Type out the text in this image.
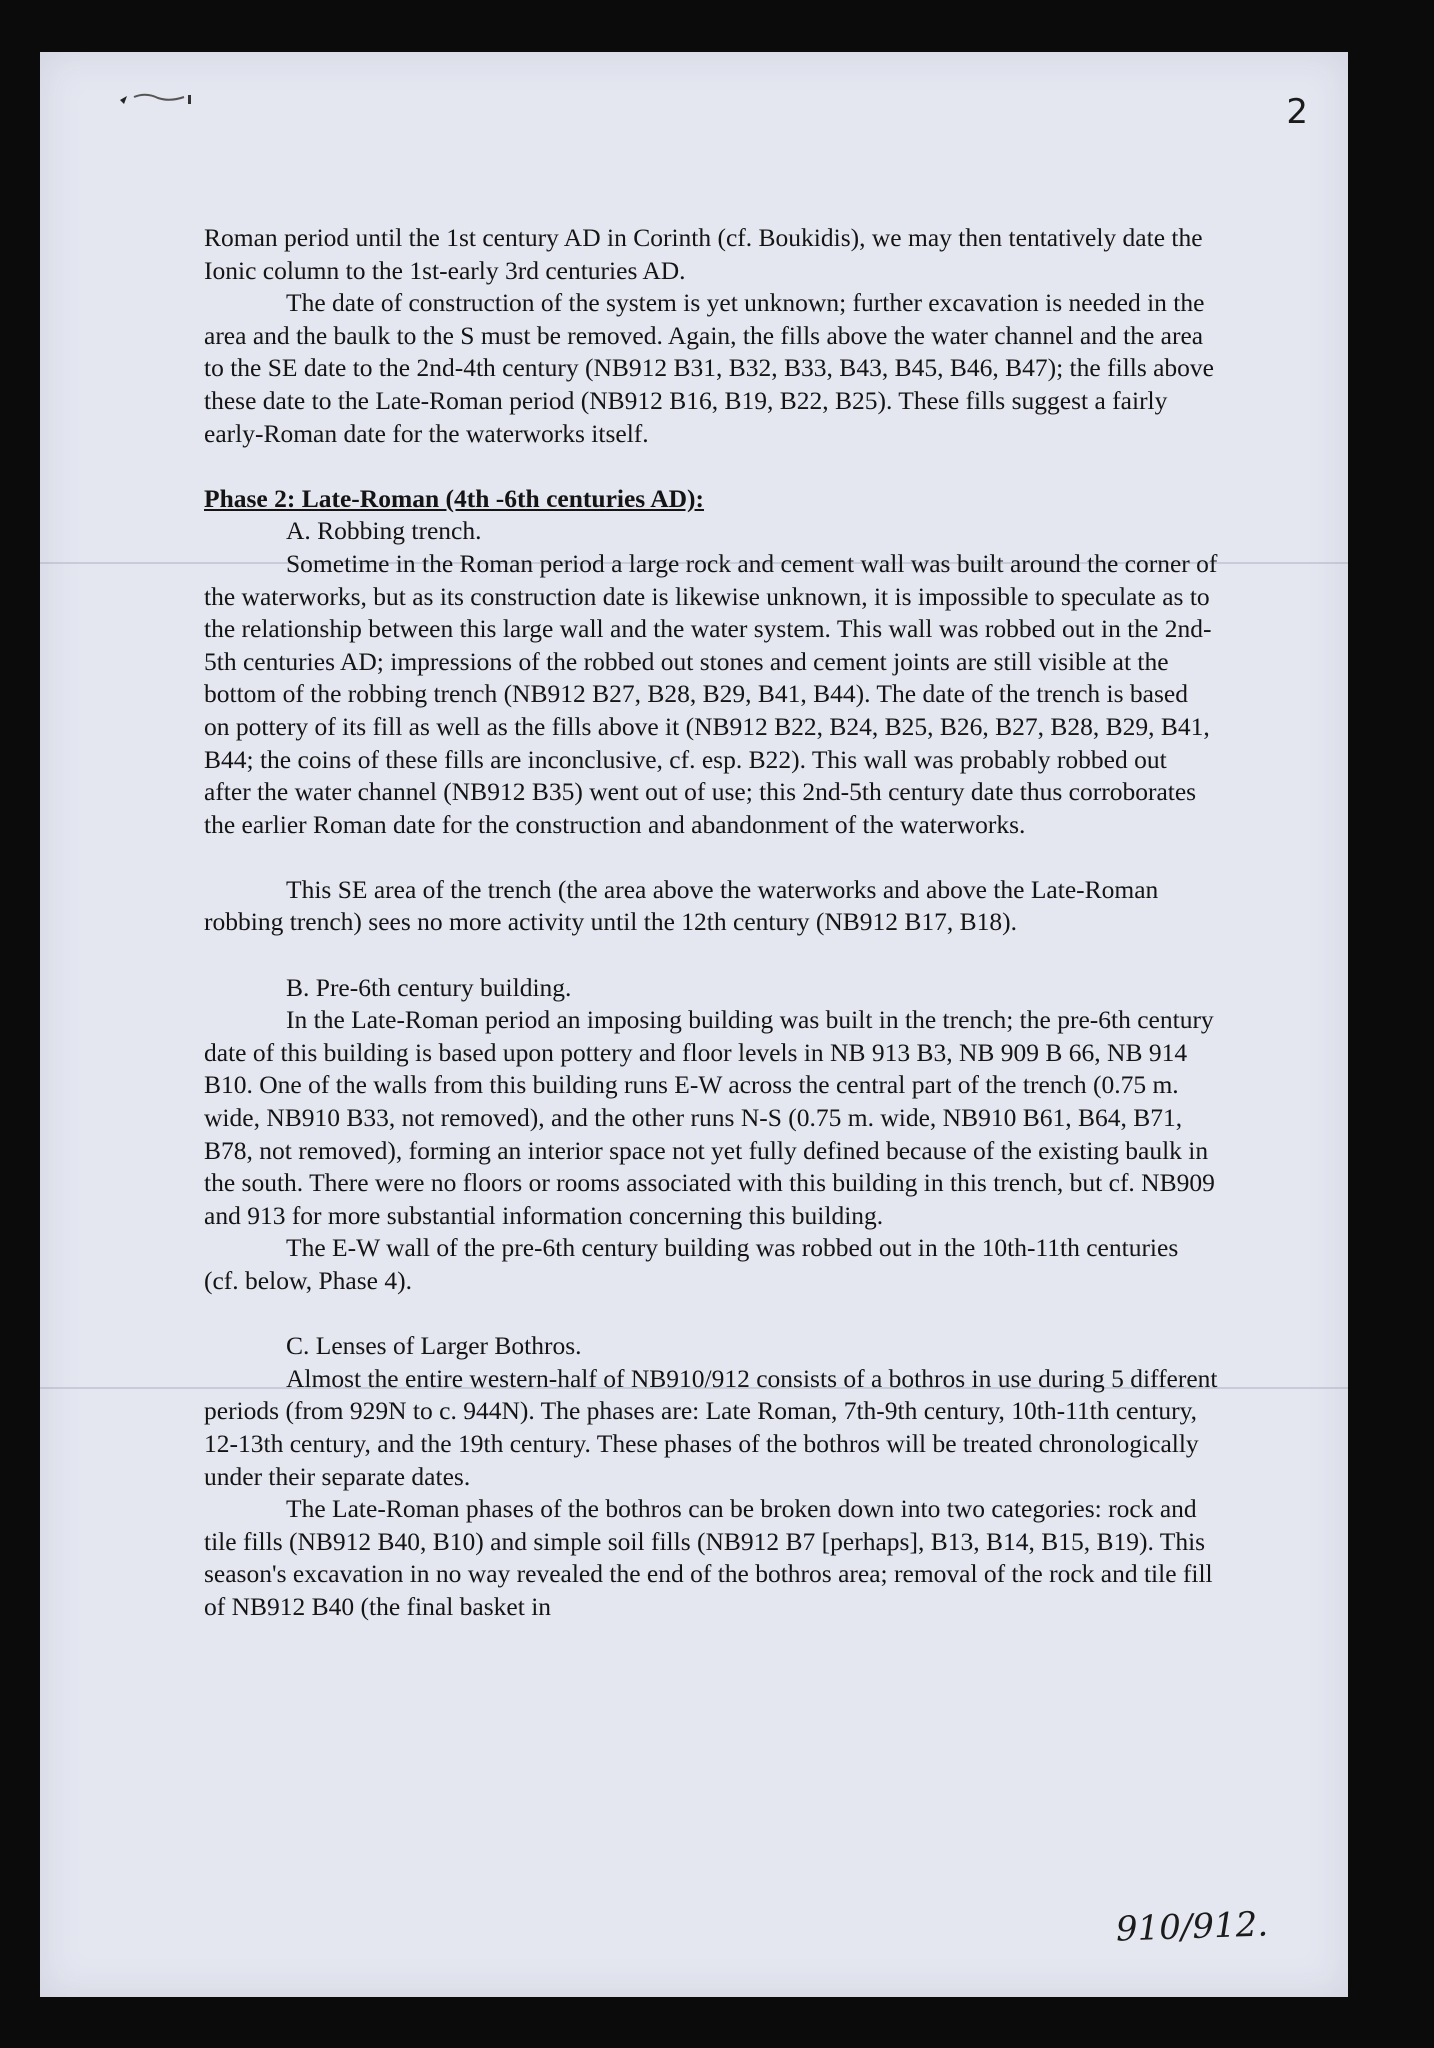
2

Roman period until the 1st century AD in Corinth (cf. Boukidis), we may then tentatively date the Ionic column to the 1st-early 3rd centuries AD.

The date of construction of the system is yet unknown; further excavation is needed in the area and the baulk to the S must be removed. Again, the fills above the water channel and the area to the SE date to the 2nd-4th century (NB912 B31, B32, B33, B43, B45, B46, B47); the fills above these date to the Late-Roman period (NB912 B16, B19, B22, B25). These fills suggest a fairly early-Roman date for the waterworks itself.

Phase 2: Late-Roman (4th -6th centuries AD):

A. Robbing trench.

Sometime in the Roman period a large rock and cement wall was built around the corner of the waterworks, but as its construction date is likewise unknown, it is impossible to speculate as to the relationship between this large wall and the water system. This wall was robbed out in the 2nd-5th centuries AD; impressions of the robbed out stones and cement joints are still visible at the bottom of the robbing trench (NB912 B27, B28, B29, B41, B44). The date of the trench is based on pottery of its fill as well as the fills above it (NB912 B22, B24, B25, B26, B27, B28, B29, B41, B44; the coins of these fills are inconclusive, cf. esp. B22). This wall was probably robbed out after the water channel (NB912 B35) went out of use; this 2nd-5th century date thus corroborates the earlier Roman date for the construction and abandonment of the waterworks.

This SE area of the trench (the area above the waterworks and above the Late-Roman robbing trench) sees no more activity until the 12th century (NB912 B17, B18).

B. Pre-6th century building.

In the Late-Roman period an imposing building was built in the trench; the pre-6th century date of this building is based upon pottery and floor levels in NB 913 B3, NB 909 B 66, NB 914 B10. One of the walls from this building runs E-W across the central part of the trench (0.75 m. wide, NB910 B33, not removed), and the other runs N-S (0.75 m. wide, NB910 B61, B64, B71, B78, not removed), forming an interior space not yet fully defined because of the existing baulk in the south. There were no floors or rooms associated with this building in this trench, but cf. NB909 and 913 for more substantial information concerning this building.

The E-W wall of the pre-6th century building was robbed out in the 10th-11th centuries (cf. below, Phase 4).

C. Lenses of Larger Bothros.

Almost the entire western-half of NB910/912 consists of a bothros in use during 5 different periods (from 929N to c. 944N). The phases are: Late Roman, 7th-9th century, 10th-11th century, 12-13th century, and the 19th century. These phases of the bothros will be treated chronologically under their separate dates.

The Late-Roman phases of the bothros can be broken down into two categories: rock and tile fills (NB912 B40, B10) and simple soil fills (NB912 B7 [perhaps], B13, B14, B15, B19). This season's excavation in no way revealed the end of the bothros area; removal of the rock and tile fill of NB912 B40 (the final basket in

910/912.
